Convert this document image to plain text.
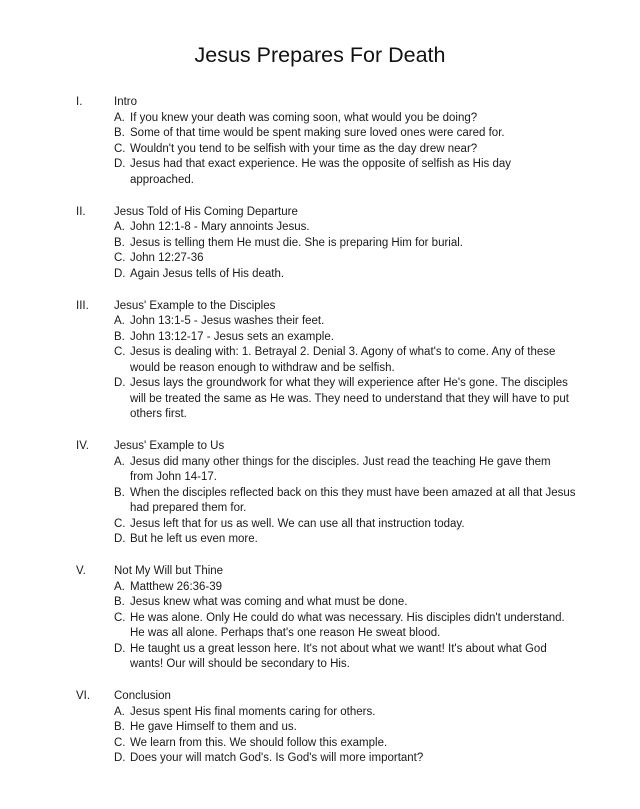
Jesus Prepares For Death
I.	Intro
A. If you knew your death was coming soon, what would you be doing?
B. Some of that time would be spent making sure loved ones were cared for.
C. Wouldn't you tend to be selfish with your time as the day drew near?
D. Jesus had that exact experience. He was the opposite of selfish as His day approached.
II. Jesus Told of His Coming Departure
A. John 12:1-8 - Mary annoints Jesus.
B. Jesus is telling them He must die. She is preparing Him for burial.
C. John 12:27-36
D. Again Jesus tells of His death.
III. Jesus' Example to the Disciples
A. John 13:1-5 - Jesus washes their feet.
B. John 13:12-17 - Jesus sets an example.
C. Jesus is dealing with: 1. Betrayal 2. Denial 3. Agony of what's to come. Any of these would be reason enough to withdraw and be selfish.
D. Jesus lays the groundwork for what they will experience after He's gone. The disciples will be treated the same as He was. They need to understand that they will have to put others first.
IV. Jesus' Example to Us
A. Jesus did many other things for the disciples. Just read the teaching He gave them from John 14-17.
B. When the disciples reflected back on this they must have been amazed at all that Jesus had prepared them for.
C. Jesus left that for us as well. We can use all that instruction today.
D. But he left us even more.
V. Not My Will but Thine
A. Matthew 26:36-39
B. Jesus knew what was coming and what must be done.
C. He was alone. Only He could do what was necessary. His disciples didn't understand. He was all alone. Perhaps that's one reason He sweat blood.
D. He taught us a great lesson here. It's not about what we want! It's about what God wants! Our will should be secondary to His.
VI. Conclusion
A. Jesus spent His final moments caring for others.
B. He gave Himself to them and us.
C. We learn from this. We should follow this example.
D. Does your will match God's. Is God's will more important?
